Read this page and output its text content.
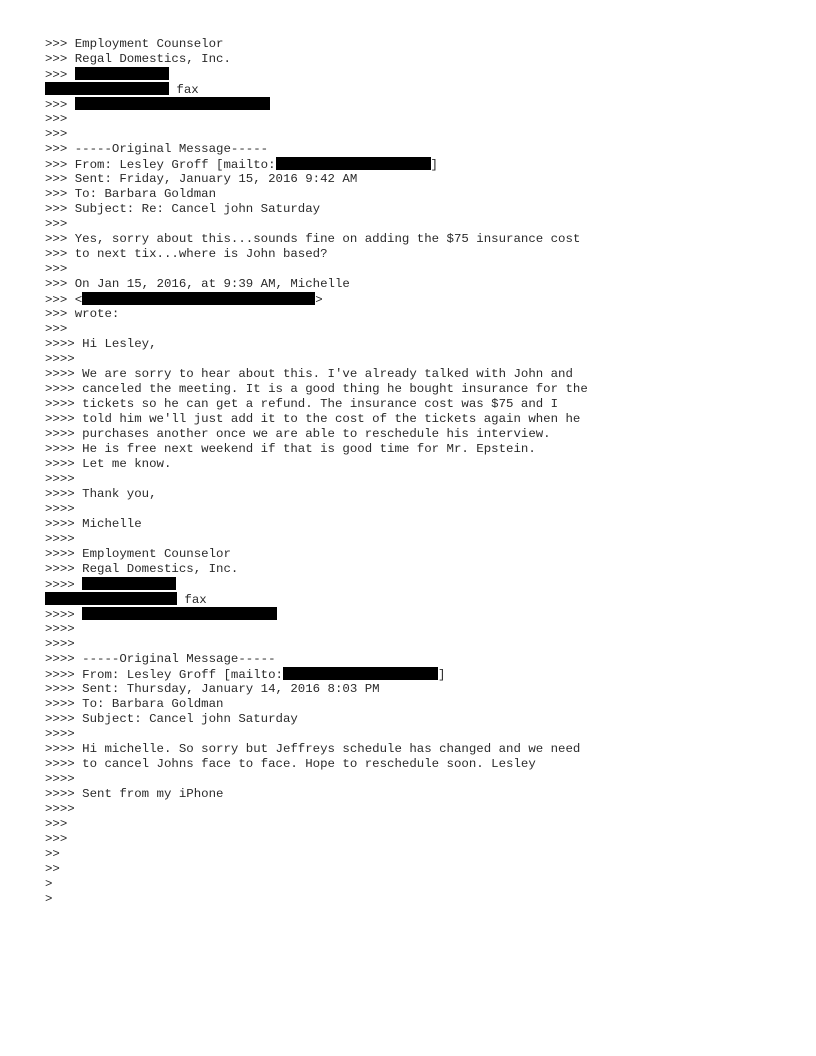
>>> Employment Counselor
>>> Regal Domestics, Inc.
>>>
fax
>>>
>>>
>>>
>>> -----Original Message-----
>>> From: Lesley Groff [mailto:	]
>>> Sent: Friday, January 15, 2016 9:42 AM
>>> To: Barbara Goldman
>>> Subject: Re: Cancel john Saturday
>>>
>>> Yes, sorry about this...sounds fine on adding the $75 insurance cost
>>> to next tix...where is John based?
>>>
>>> On Jan 15, 2016, at 9:39 AM, Michelle
>>> <	>
>>> wrote:
>>>
>>>> Hi Lesley,
>>>>
>>>> We are sorry to hear about this. I've already talked with John and
>>>> canceled the meeting. It is a good thing he bought insurance for the
>>>> tickets so he can get a refund. The insurance cost was $75 and I
>>>> told him we'll just add it to the cost of the tickets again when he
>>>> purchases another once we are able to reschedule his interview.
>>>> He is free next weekend if that is good time for Mr. Epstein.
>>>> Let me know.
>>>>
>>>> Thank you,
>>>>
>>>> Michelle
>>>>
>>>> Employment Counselor
>>>> Regal Domestics, Inc.
>>>>
fax
>>>>
>>>>
>>>>
>>>> -----Original Message-----
>>>> From: Lesley Groff [mailto:	]
>>>> Sent: Thursday, January 14, 2016 8:03 PM
>>>> To: Barbara Goldman
>>>> Subject: Cancel john Saturday
>>>>
>>>> Hi michelle. So sorry but Jeffreys schedule has changed and we need
>>>> to cancel Johns face to face. Hope to reschedule soon. Lesley
>>>>
>>>> Sent from my iPhone
>>>>
>>>
>>>
>>
>>
>
>
